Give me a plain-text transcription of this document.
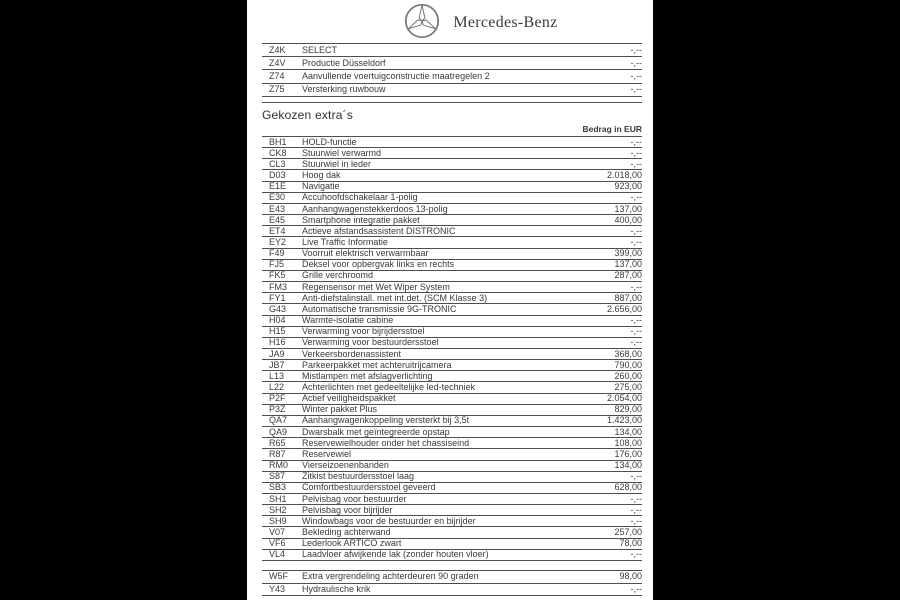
Mercedes-Benz
Z4K	SELECT	-,--
Z4V	Productie Düsseldorf	-,--
Z74	Aanvullende voertuigconstructie maatregelen 2	-,--
Z75	Versterking ruwbouw	-,--
Gekozen extra´s
Bedrag in EUR
BH1	HOLD-functie	-,--
CK8	Stuurwiel verwarmd	-,--
CL3	Stuurwiel in leder	-,--
D03	Hoog dak	2.018,00
E1E	Navigatie	923,00
E30	Accuhoofdschakelaar 1-polig	-,--
E43	Aanhangwagenstekkerdoos 13-polig	137,00
E45	Smartphone integratie pakket	400,00
ET4	Actieve afstandsassistent DISTRONIC	-,--
EY2	Live Traffic Informatie	-,--
F49	Voorruit elektrisch verwarmbaar	399,00
FJ5	Deksel voor opbergvak links en rechts	137,00
FK5	Grille verchroomd	287,00
FM3	Regensensor met Wet Wiper System	-,--
FY1	Anti-diefstalinstall. met int.det. (SCM Klasse 3)	887,00
G43	Automatische transmissie 9G-TRONIC	2.656,00
H04	Warmte-isolatie cabine	-,--
H15	Verwarming voor bijrijdersstoel	-,--
H16	Verwarming voor bestuurdersstoel	-,--
JA9	Verkeersbordenassistent	368,00
JB7	Parkeerpakket met achteruitrijcamera	790,00
L13	Mistlampen met afslagverlichting	260,00
L22	Achterlichten met gedeeltelijke led-techniek	275,00
P2F	Actief veiligheidspakket	2.054,00
P3Z	Winter pakket Plus	829,00
QA7	Aanhangwagenkoppeling versterkt bij 3,5t	1.423,00
QA9	Dwarsbalk met geïntegreerde opstap	134,00
R65	Reservewielhouder onder het chassiseind	108,00
R87	Reservewiel	176,00
RM0	Vierseizoenenbanden	134,00
S87	Zitkist bestuurdersstoel laag	-,--
SB3	Comfortbestuurdersstoel geveerd	628,00
SH1	Pelvisbag voor bestuurder	-,--
SH2	Pelvisbag voor bijrijder	-,--
SH9	Windowbags voor de bestuurder en bijrijder	-,--
V07	Bekleding achterwand	257,00
VF6	Lederlook ARTICO zwart	78,00
VL4	Laadvloer afwijkende lak (zonder houten vloer)	-,--
W5F	Extra vergrendeling achterdeuren 90 graden	98,00
Y43	Hydraulische krik	-,--
